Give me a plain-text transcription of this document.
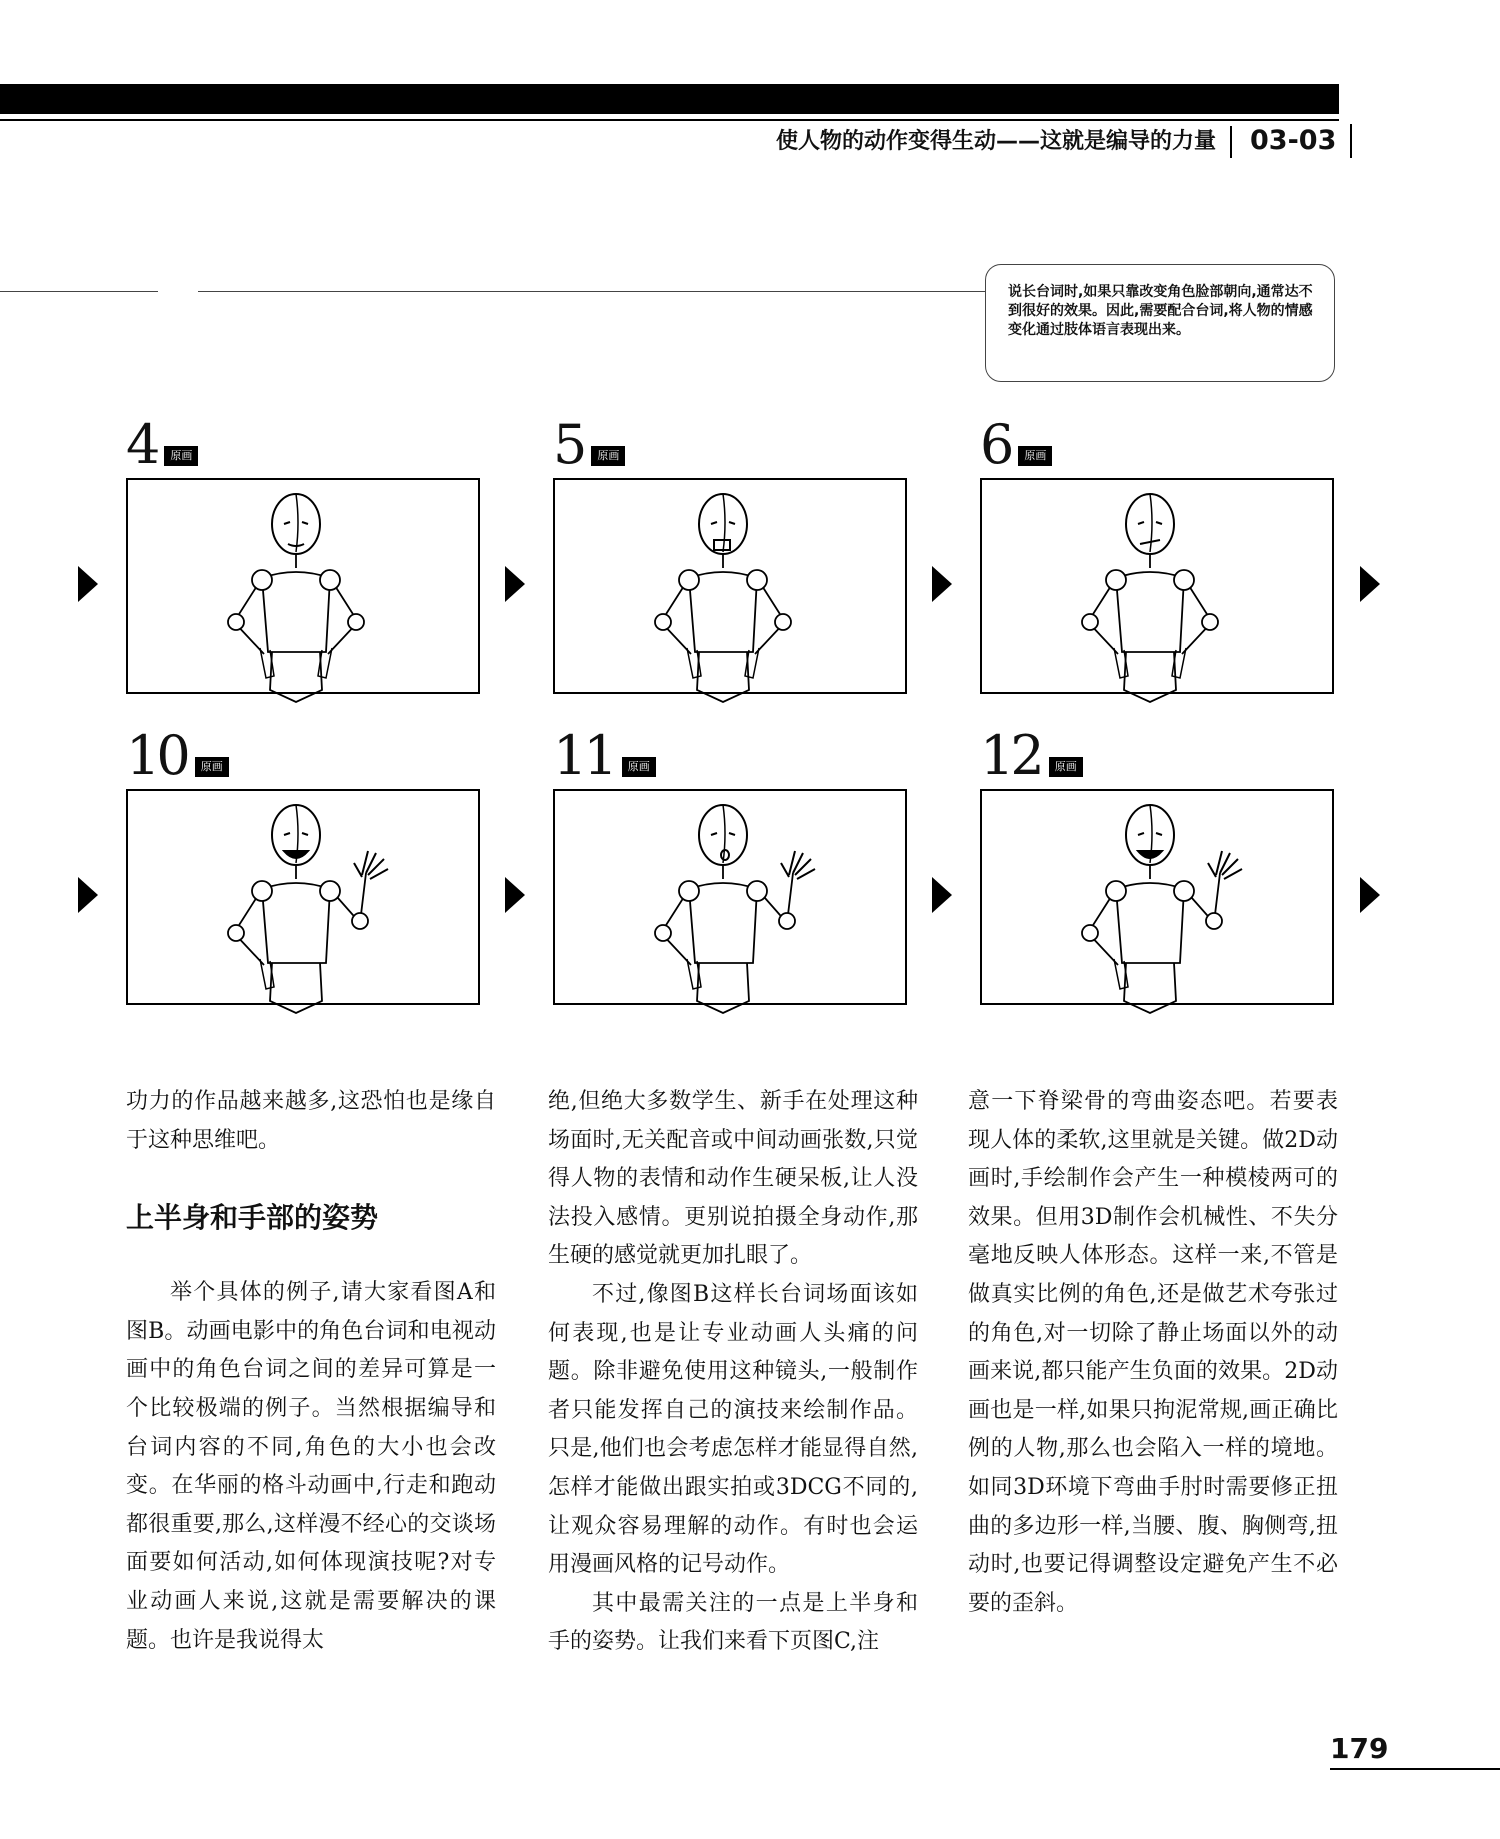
使人物的动作变得生动——这就是编导的力量	03-03
说长台词时,如果只靠改变角色脸部朝向,通常达不到很好的效果。因此,需要配合台词,将人物的情感变化通过肢体语言表现出来。
4 原画	5 原画	6 原画
10 原画	11 原画	12 原画

功力的作品越来越多,这恐怕也是缘自于这种思维吧。

上半身和手部的姿势

举个具体的例子,请大家看图A和图B。动画电影中的角色台词和电视动画中的角色台词之间的差异可算是一个比较极端的例子。当然根据编导和台词内容的不同,角色的大小也会改变。在华丽的格斗动画中,行走和跑动都很重要,那么,这样漫不经心的交谈场面要如何活动,如何体现演技呢?对专业动画人来说,这就是需要解决的课题。也许是我说得太

绝,但绝大多数学生、新手在处理这种场面时,无关配音或中间动画张数,只觉得人物的表情和动作生硬呆板,让人没法投入感情。更别说拍摄全身动作,那生硬的感觉就更加扎眼了。

不过,像图B这样长台词场面该如何表现,也是让专业动画人头痛的问题。除非避免使用这种镜头,一般制作者只能发挥自己的演技来绘制作品。只是,他们也会考虑怎样才能显得自然,怎样才能做出跟实拍或3DCG不同的,让观众容易理解的动作。有时也会运用漫画风格的记号动作。

其中最需关注的一点是上半身和手的姿势。让我们来看下页图C,注

意一下脊梁骨的弯曲姿态吧。若要表现人体的柔软,这里就是关键。做2D动画时,手绘制作会产生一种模棱两可的效果。但用3D制作会机械性、不失分毫地反映人体形态。这样一来,不管是做真实比例的角色,还是做艺术夸张过的角色,对一切除了静止场面以外的动画来说,都只能产生负面的效果。2D动画也是一样,如果只拘泥常规,画正确比例的人物,那么也会陷入一样的境地。如同3D环境下弯曲手肘时需要修正扭曲的多边形一样,当腰、腹、胸侧弯,扭动时,也要记得调整设定避免产生不必要的歪斜。

179
